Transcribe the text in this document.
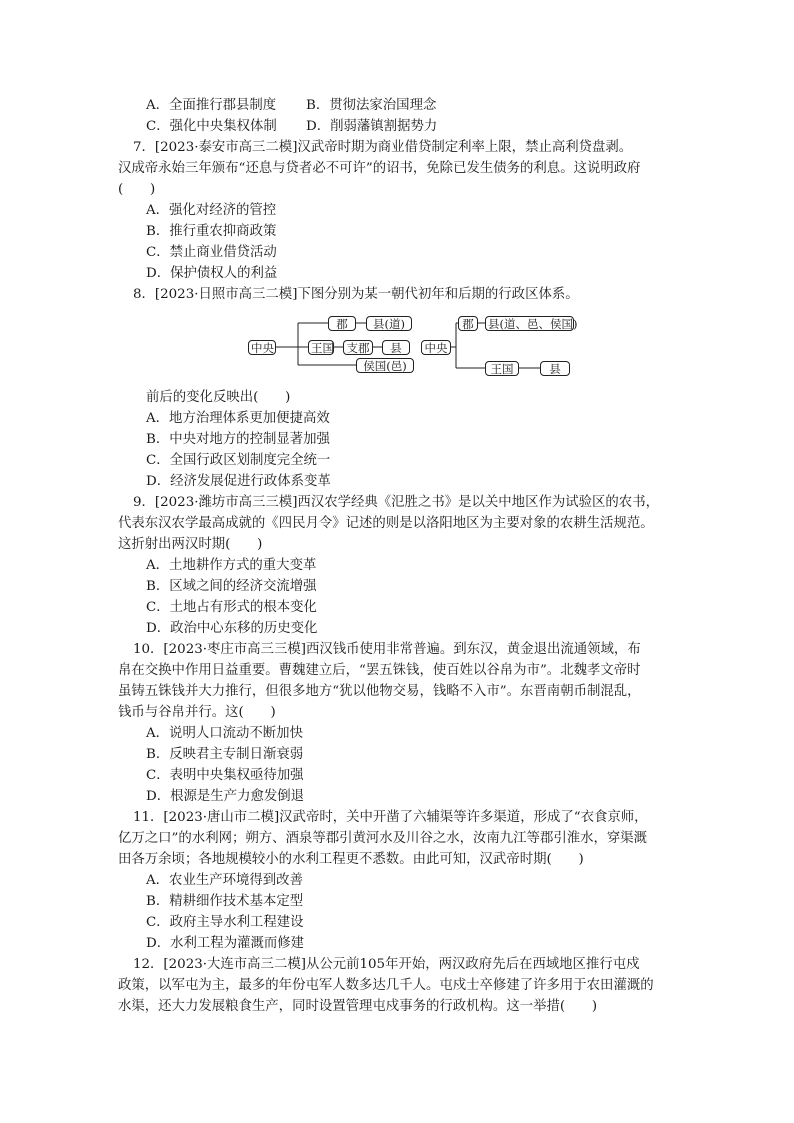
A．全面推行郡县制度 B．贯彻法家治国理念
C．强化中央集权体制 D．削弱藩镇割据势力
7．[2023·泰安市高三二模]汉武帝时期为商业借贷制定利率上限，禁止高利贷盘剥。
汉成帝永始三年颁布“还息与贷者必不可许”的诏书，免除已发生债务的利息。这说明政府
(　　)
A．强化对经济的管控
B．推行重农抑商政策
C．禁止商业借贷活动
D．保护债权人的利益
8．[2023·日照市高三二模]下图分别为某一朝代初年和后期的行政区体系。
中央
郡	县(道)
王国	支郡	县
侯国(邑)
中央
郡	县(道、邑、侯国)
王国	县
前后的变化反映出(　　)
A．地方治理体系更加便捷高效
B．中央对地方的控制显著加强
C．全国行政区划制度完全统一
D．经济发展促进行政体系变革
9．[2023·潍坊市高三三模]西汉农学经典《氾胜之书》是以关中地区作为试验区的农书，
代表东汉农学最高成就的《四民月令》记述的则是以洛阳地区为主要对象的农耕生活规范。
这折射出两汉时期(　　)
A．土地耕作方式的重大变革
B．区域之间的经济交流增强
C．土地占有形式的根本变化
D．政治中心东移的历史变化
10．[2023·枣庄市高三三模]西汉钱币使用非常普遍。到东汉，黄金退出流通领域，布
帛在交换中作用日益重要。曹魏建立后，“罢五铢钱，使百姓以谷帛为市”。北魏孝文帝时
虽铸五铢钱并大力推行，但很多地方“犹以他物交易，钱略不入市”。东晋南朝币制混乱，
钱币与谷帛并行。这(　　)
A．说明人口流动不断加快
B．反映君主专制日渐衰弱
C．表明中央集权亟待加强
D．根源是生产力愈发倒退
11．[2023·唐山市二模]汉武帝时，关中开凿了六辅渠等许多渠道，形成了“衣食京师，
亿万之口”的水利网；朔方、酒泉等郡引黄河水及川谷之水，汝南九江等郡引淮水，穿渠溉
田各万余顷；各地规模较小的水利工程更不悉数。由此可知，汉武帝时期(　　)
A．农业生产环境得到改善
B．精耕细作技术基本定型
C．政府主导水利工程建设
D．水利工程为灌溉而修建
12．[2023·大连市高三二模]从公元前105年开始，两汉政府先后在西域地区推行屯戍
政策，以军屯为主，最多的年份屯军人数多达几千人。屯戍士卒修建了许多用于农田灌溉的
水渠，还大力发展粮食生产，同时设置管理屯戍事务的行政机构。这一举措(　　)
